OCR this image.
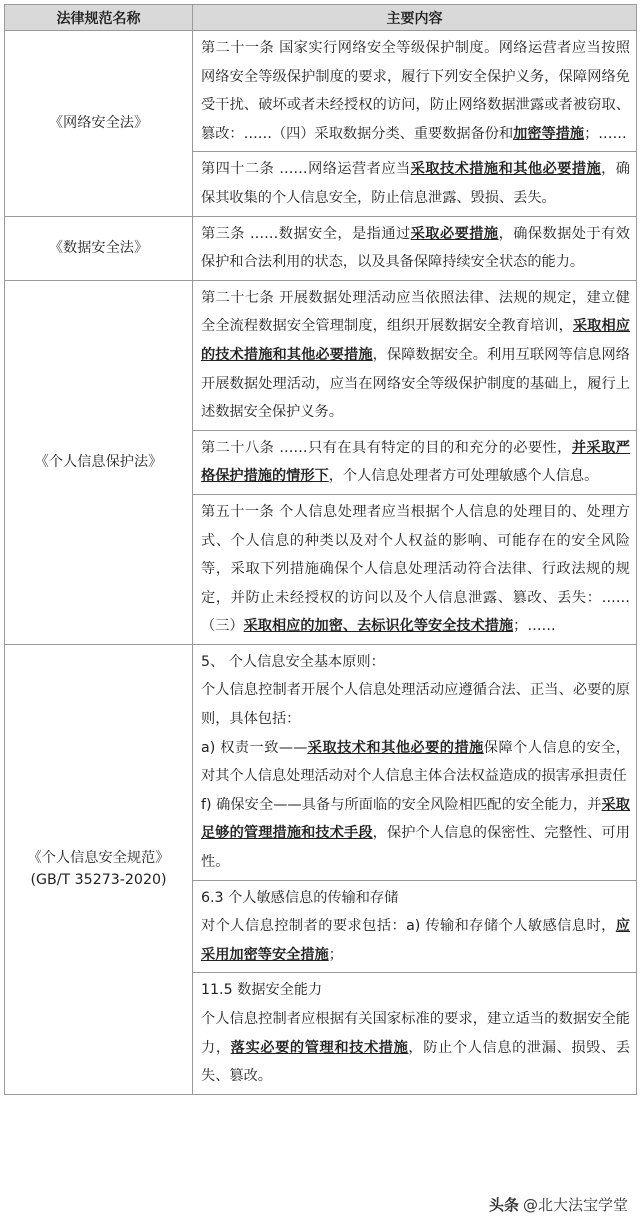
法律规范名称	主要内容

《网络安全法》	第二十一条 国家实行网络安全等级保护制度。网络运营者应当按照网络安全等级保护制度的要求，履行下列安全保护义务，保障网络免受干扰、破坏或者未经授权的访问，防止网络数据泄露或者被窃取、篡改：……（四）采取数据分类、重要数据备份和加密等措施；……
	第四十二条 ……网络运营者应当采取技术措施和其他必要措施，确保其收集的个人信息安全，防止信息泄露、毁损、丢失。

《数据安全法》	第三条 ……数据安全，是指通过采取必要措施，确保数据处于有效保护和合法利用的状态，以及具备保障持续安全状态的能力。

《个人信息保护法》	第二十七条 开展数据处理活动应当依照法律、法规的规定，建立健全全流程数据安全管理制度，组织开展数据安全教育培训，采取相应的技术措施和其他必要措施，保障数据安全。利用互联网等信息网络开展数据处理活动，应当在网络安全等级保护制度的基础上，履行上述数据安全保护义务。
	第二十八条 ……只有在具有特定的目的和充分的必要性，并采取严格保护措施的情形下，个人信息处理者方可处理敏感个人信息。
	第五十一条 个人信息处理者应当根据个人信息的处理目的、处理方式、个人信息的种类以及对个人权益的影响、可能存在的安全风险等，采取下列措施确保个人信息处理活动符合法律、行政法规的规定，并防止未经授权的访问以及个人信息泄露、篡改、丢失：……（三）采取相应的加密、去标识化等安全技术措施；……

《个人信息安全规范》
(GB/T 35273-2020)	5、 个人信息安全基本原则：
个人信息控制者开展个人信息处理活动应遵循合法、正当、必要的原则，具体包括：
a) 权责一致——采取技术和其他必要的措施保障个人信息的安全，对其个人信息处理活动对个人信息主体合法权益造成的损害承担责任
f) 确保安全——具备与所面临的安全风险相匹配的安全能力，并采取足够的管理措施和技术手段，保护个人信息的保密性、完整性、可用性。
	6.3 个人敏感信息的传输和存储
对个人信息控制者的要求包括：a) 传输和存储个人敏感信息时，应采用加密等安全措施；
	11.5 数据安全能力
个人信息控制者应根据有关国家标准的要求，建立适当的数据安全能力，落实必要的管理和技术措施，防止个人信息的泄漏、损毁、丢失、篡改。
头条 @北大法宝学堂
